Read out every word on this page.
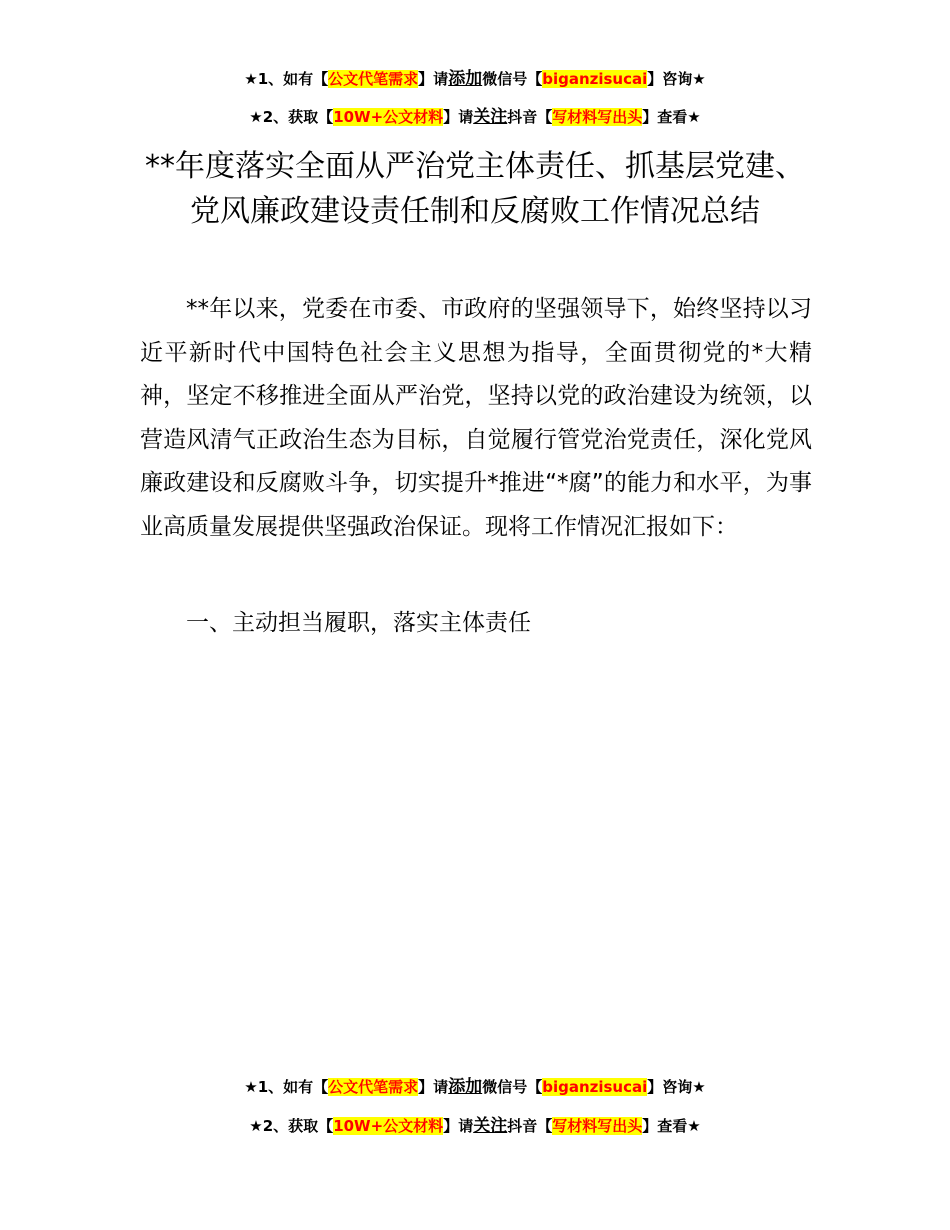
★1、如有【公文代笔需求】请添加微信号【biganzisucai】咨询★
★2、获取【10W+公文材料】请关注抖音【写材料写出头】查看★
**年度落实全面从严治党主体责任、抓基层党建、党风廉政建设责任制和反腐败工作情况总结

**年以来，党委在市委、市政府的坚强领导下，始终坚持以习近平新时代中国特色社会主义思想为指导，全面贯彻党的*大精神，坚定不移推进全面从严治党，坚持以党的政治建设为统领，以营造风清气正政治生态为目标，自觉履行管党治党责任，深化党风廉政建设和反腐败斗争，切实提升*推进“*腐”的能力和水平，为事业高质量发展提供坚强政治保证。现将工作情况汇报如下：

一、主动担当履职，落实主体责任

★1、如有【公文代笔需求】请添加微信号【biganzisucai】咨询★
★2、获取【10W+公文材料】请关注抖音【写材料写出头】查看★
